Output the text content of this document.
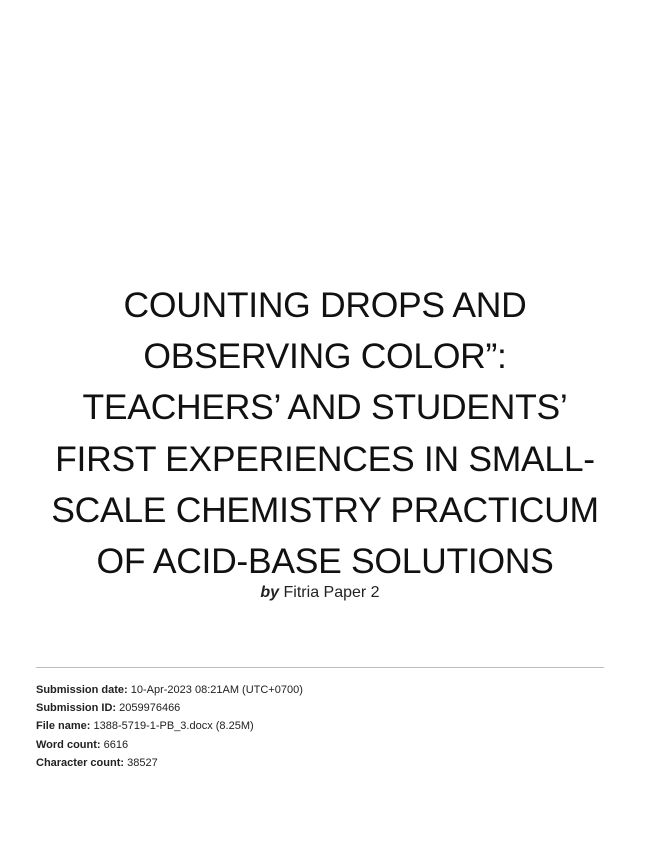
COUNTING DROPS AND
OBSERVING COLOR”:
TEACHERS’ AND STUDENTS’
FIRST EXPERIENCES IN SMALL-
SCALE CHEMISTRY PRACTICUM
OF ACID-BASE SOLUTIONS
by Fitria Paper 2
Submission date: 10-Apr-2023 08:21AM (UTC+0700)
Submission ID: 2059976466
File name: 1388-5719-1-PB_3.docx (8.25M)
Word count: 6616
Character count: 38527
